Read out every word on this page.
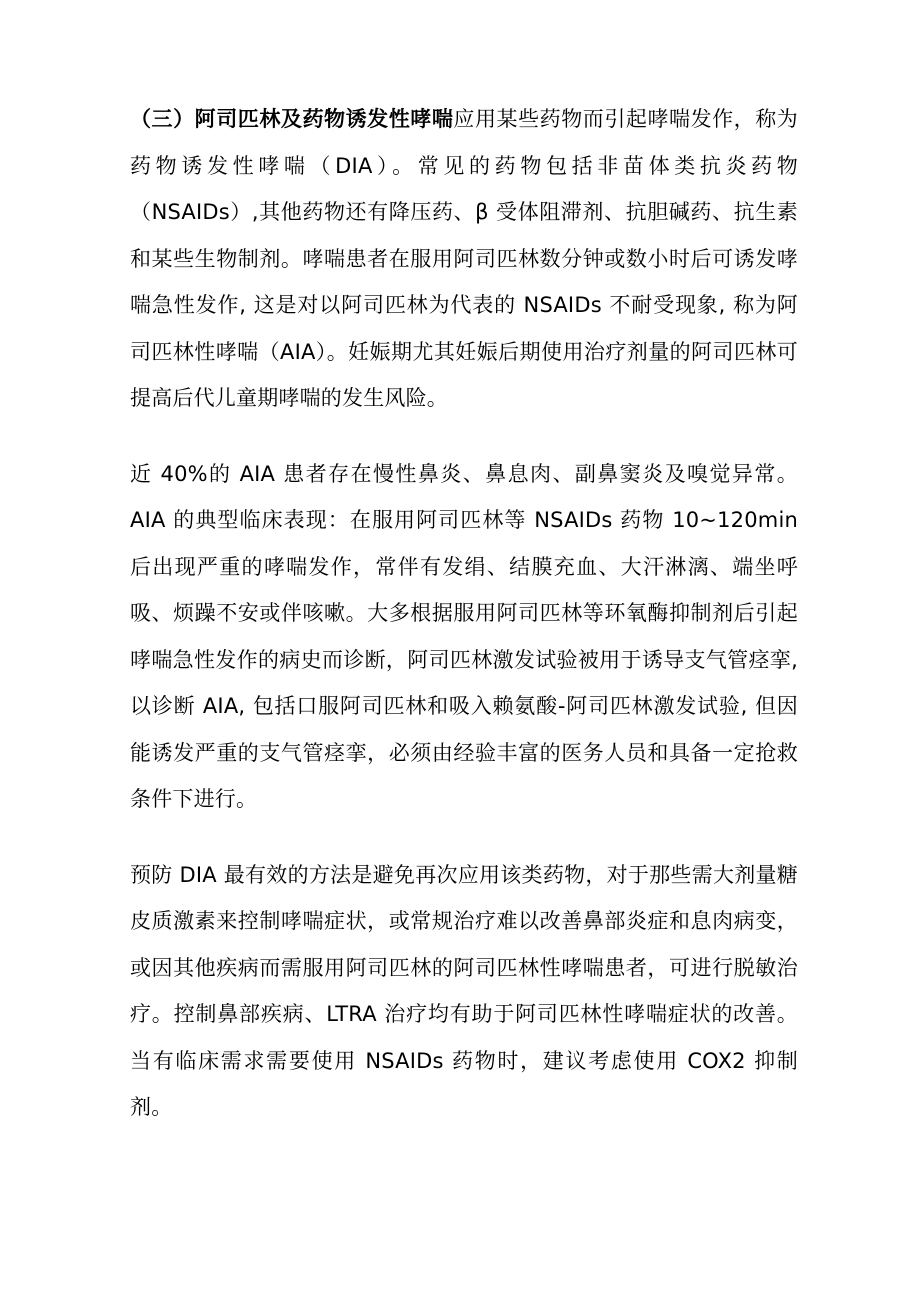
（三）阿司匹林及药物诱发性哮喘应用某些药物而引起哮喘发作，称为药物诱发性哮喘（DIA）。常见的药物包括非苗体类抗炎药物（NSAIDs）,其他药物还有降压药、β 受体阻滞剂、抗胆碱药、抗生素和某些生物制剂。哮喘患者在服用阿司匹林数分钟或数小时后可诱发哮喘急性发作, 这是对以阿司匹林为代表的 NSAIDs 不耐受现象, 称为阿司匹林性哮喘（AIA）。妊娠期尤其妊娠后期使用治疗剂量的阿司匹林可提高后代儿童期哮喘的发生风险。

近 40%的 AIA 患者存在慢性鼻炎、鼻息肉、副鼻窦炎及嗅觉异常。AIA 的典型临床表现：在服用阿司匹林等 NSAIDs 药物 10~120min 后出现严重的哮喘发作，常伴有发绢、结膜充血、大汗淋漓、端坐呼吸、烦躁不安或伴咳嗽。大多根据服用阿司匹林等环氧酶抑制剂后引起哮喘急性发作的病史而诊断，阿司匹林激发试验被用于诱导支气管痉挛, 以诊断 AIA, 包括口服阿司匹林和吸入赖氨酸-阿司匹林激发试验, 但因能诱发严重的支气管痉挛，必须由经验丰富的医务人员和具备一定抢救条件下进行。

预防 DIA 最有效的方法是避免再次应用该类药物，对于那些需大剂量糖皮质激素来控制哮喘症状，或常规治疗难以改善鼻部炎症和息肉病变，或因其他疾病而需服用阿司匹林的阿司匹林性哮喘患者，可进行脱敏治疗。控制鼻部疾病、LTRA 治疗均有助于阿司匹林性哮喘症状的改善。当有临床需求需要使用 NSAIDs 药物时，建议考虑使用 COX2 抑制剂。
